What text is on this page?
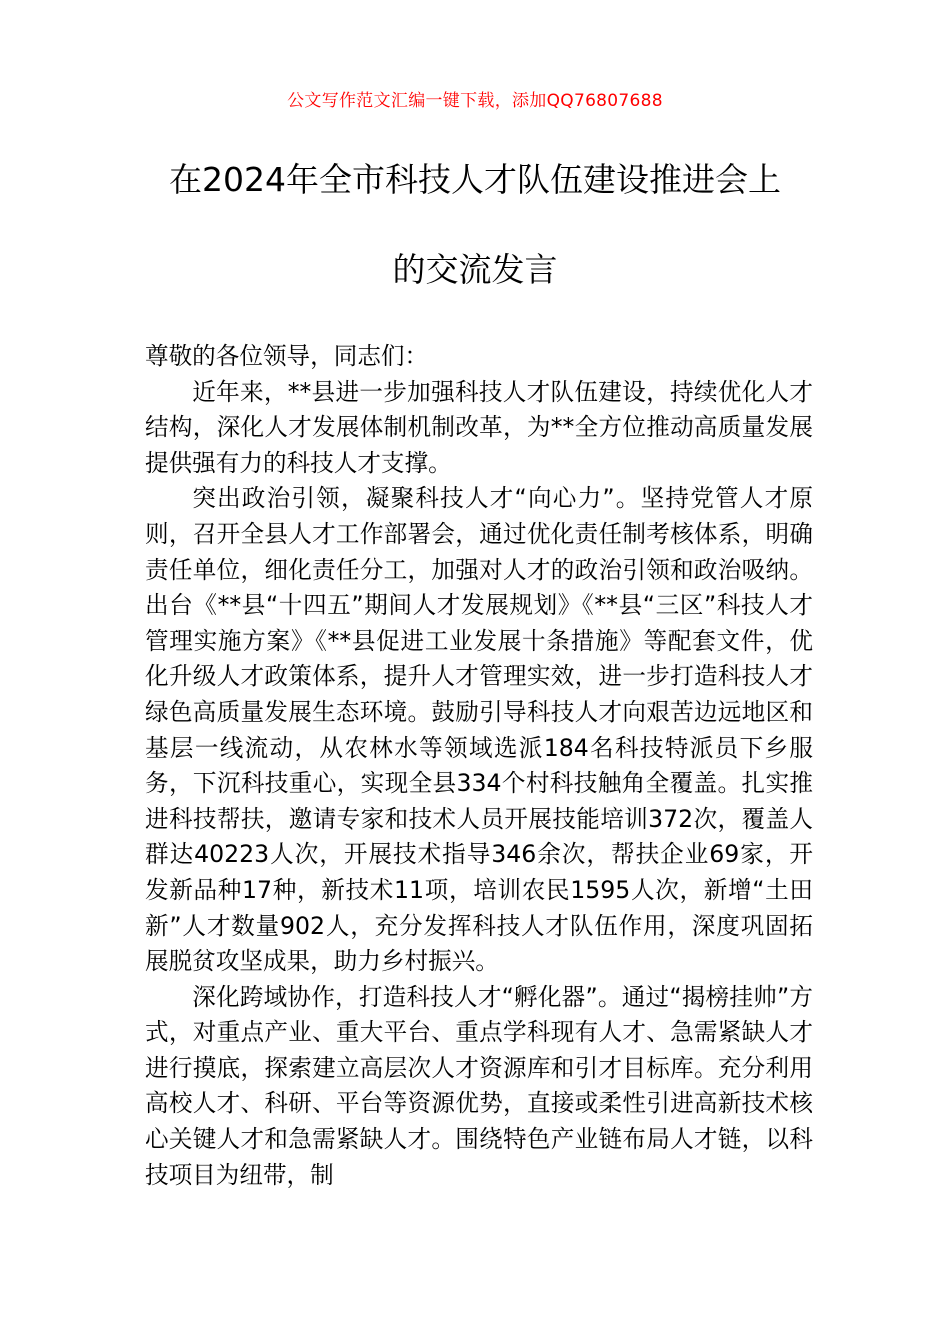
公文写作范文汇编一键下载，添加QQ76807688
在2024年全市科技人才队伍建设推进会上
的交流发言

尊敬的各位领导，同志们：

近年来，**县进一步加强科技人才队伍建设，持续优化人才结构，深化人才发展体制机制改革，为**全方位推动高质量发展提供强有力的科技人才支撑。

突出政治引领，凝聚科技人才“向心力”。坚持党管人才原则，召开全县人才工作部署会，通过优化责任制考核体系，明确责任单位，细化责任分工，加强对人才的政治引领和政治吸纳。出台《**县“十四五”期间人才发展规划》《**县“三区”科技人才管理实施方案》《**县促进工业发展十条措施》等配套文件，优化升级人才政策体系，提升人才管理实效，进一步打造科技人才绿色高质量发展生态环境。鼓励引导科技人才向艰苦边远地区和基层一线流动，从农林水等领域选派184名科技特派员下乡服务，下沉科技重心，实现全县334个村科技触角全覆盖。扎实推进科技帮扶，邀请专家和技术人员开展技能培训372次，覆盖人群达40223人次，开展技术指导346余次，帮扶企业69家，开发新品种17种，新技术11项，培训农民1595人次，新增“土田新”人才数量902人，充分发挥科技人才队伍作用，深度巩固拓展脱贫攻坚成果，助力乡村振兴。

深化跨域协作，打造科技人才“孵化器”。通过“揭榜挂帅”方式，对重点产业、重大平台、重点学科现有人才、急需紧缺人才进行摸底，探索建立高层次人才资源库和引才目标库。充分利用高校人才、科研、平台等资源优势，直接或柔性引进高新技术核心关键人才和急需紧缺人才。围绕特色产业链布局人才链，以科技项目为纽带，制
